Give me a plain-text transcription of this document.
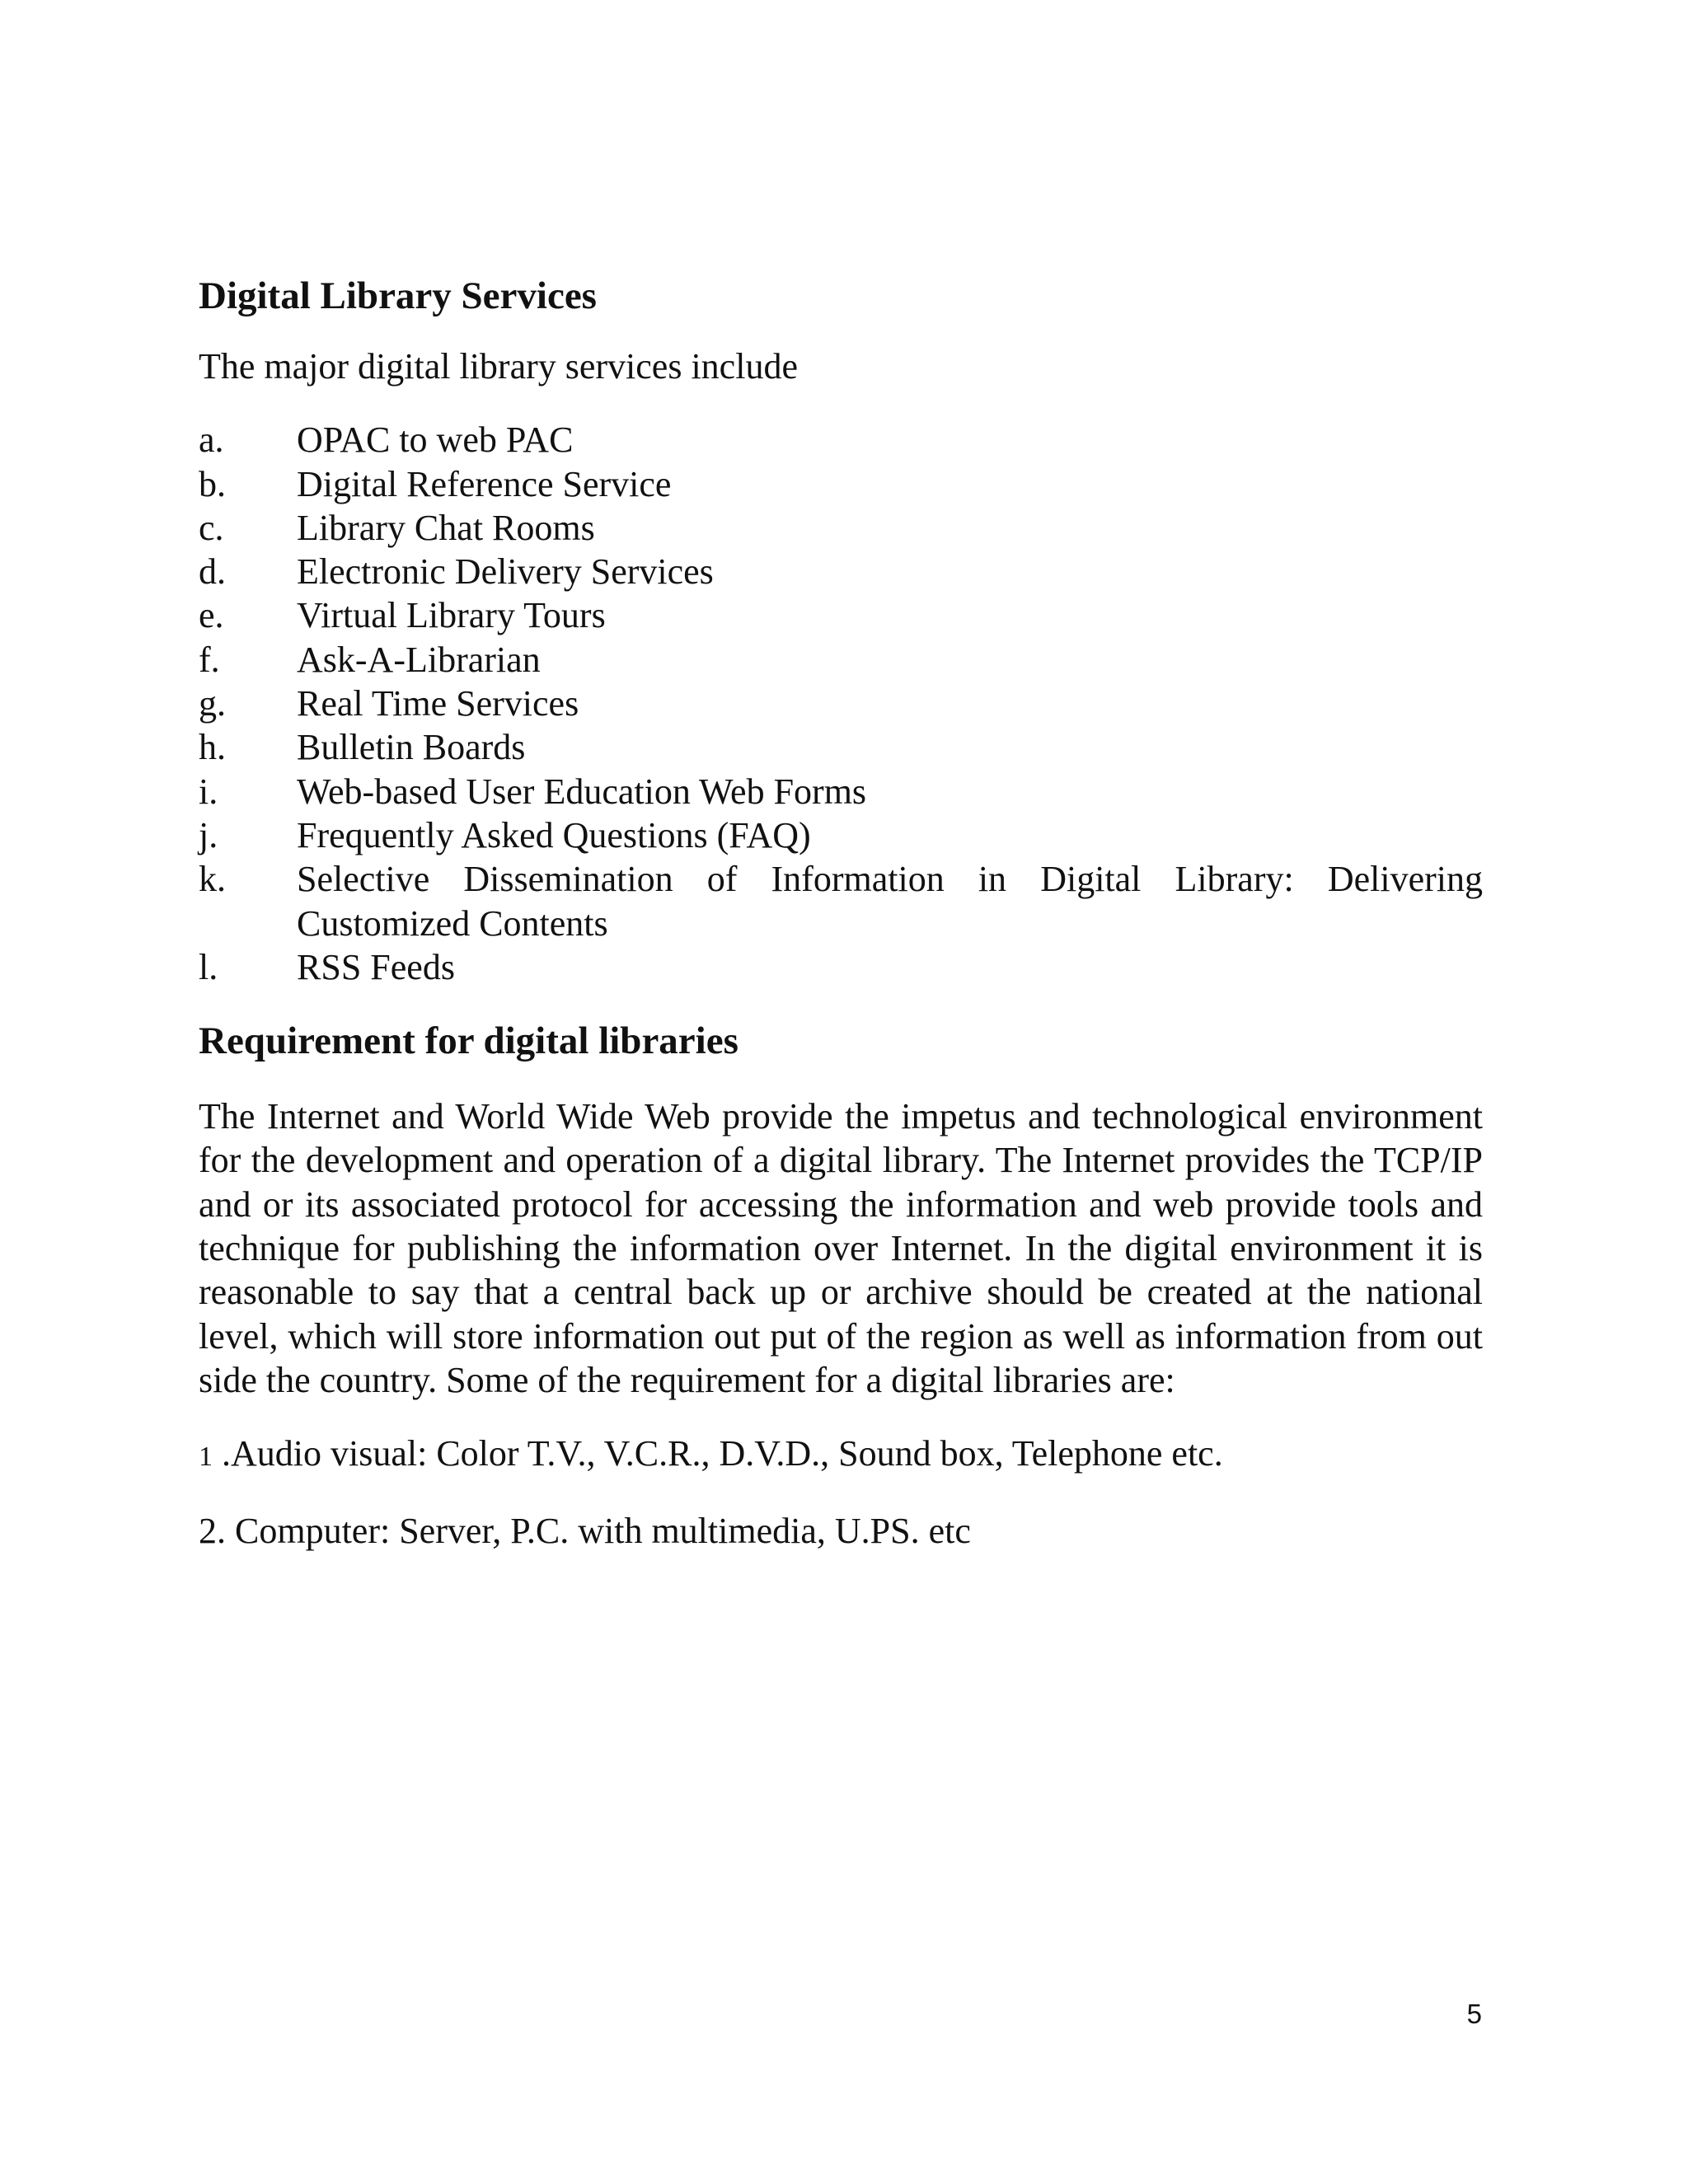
Digital Library Services

The major digital library services include

a.	OPAC to web PAC
b.	Digital Reference Service
c.	Library Chat Rooms
d.	Electronic Delivery Services
e.	Virtual Library Tours
f.	Ask-A-Librarian
g.	Real Time Services
h.	Bulletin Boards
i.	Web-based User Education Web Forms
j.	Frequently Asked Questions (FAQ)
k.	Selective Dissemination of Information in Digital Library: Delivering Customized Contents
l.	RSS Feeds
Requirement for digital libraries

The Internet and World Wide Web provide the impetus and technological environment for the development and operation of a digital library. The Internet provides the TCP/IP and or its associated protocol for accessing the information and web provide tools and technique for publishing the information over Internet. In the digital environment it is reasonable to say that a central back up or archive should be created at the national level, which will store information out put of the region as well as information from out side the country. Some of the requirement for a digital libraries are:

1 .Audio visual: Color T.V., V.C.R., D.V.D., Sound box, Telephone etc.

2. Computer: Server, P.C. with multimedia, U.PS. etc

5
